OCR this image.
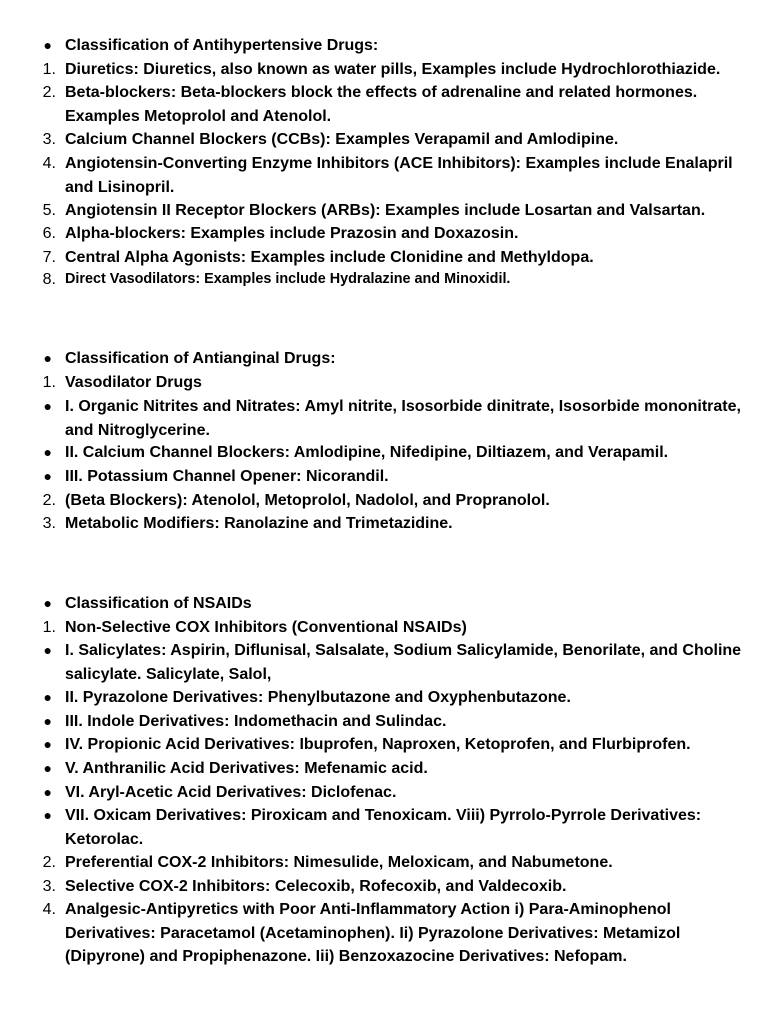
● Classification of Antihypertensive Drugs:
1. Diuretics: Diuretics, also known as water pills, Examples include Hydrochlorothiazide.
2. Beta-blockers: Beta-blockers block the effects of adrenaline and related hormones. Examples Metoprolol and Atenolol.
3. Calcium Channel Blockers (CCBs): Examples Verapamil and Amlodipine.
4. Angiotensin-Converting Enzyme Inhibitors (ACE Inhibitors): Examples include Enalapril and Lisinopril.
5. Angiotensin II Receptor Blockers (ARBs): Examples include Losartan and Valsartan.
6. Alpha-blockers: Examples include Prazosin and Doxazosin.
7. Central Alpha Agonists: Examples include Clonidine and Methyldopa.
8. Direct Vasodilators: Examples include Hydralazine and Minoxidil.
● Classification of Antianginal Drugs:
1. Vasodilator Drugs
● I. Organic Nitrites and Nitrates: Amyl nitrite, Isosorbide dinitrate, Isosorbide mononitrate, and Nitroglycerine.
● II. Calcium Channel Blockers: Amlodipine, Nifedipine, Diltiazem, and Verapamil.
● III. Potassium Channel Opener: Nicorandil.
2. (Beta Blockers): Atenolol, Metoprolol, Nadolol, and Propranolol.
3. Metabolic Modifiers: Ranolazine and Trimetazidine.
● Classification of NSAIDs
1. Non-Selective COX Inhibitors (Conventional NSAIDs)
● I. Salicylates: Aspirin, Diflunisal, Salsalate, Sodium Salicylamide, Benorilate, and Choline salicylate. Salicylate, Salol,
● II. Pyrazolone Derivatives: Phenylbutazone and Oxyphenbutazone.
● III. Indole Derivatives: Indomethacin and Sulindac.
● IV. Propionic Acid Derivatives: Ibuprofen, Naproxen, Ketoprofen, and Flurbiprofen.
● V. Anthranilic Acid Derivatives: Mefenamic acid.
● VI. Aryl-Acetic Acid Derivatives: Diclofenac.
● VII. Oxicam Derivatives: Piroxicam and Tenoxicam. Viii) Pyrrolo-Pyrrole Derivatives: Ketorolac.
2. Preferential COX-2 Inhibitors: Nimesulide, Meloxicam, and Nabumetone.
3. Selective COX-2 Inhibitors: Celecoxib, Rofecoxib, and Valdecoxib.
4. Analgesic-Antipyretics with Poor Anti-Inflammatory Action i) Para-Aminophenol Derivatives: Paracetamol (Acetaminophen). Ii) Pyrazolone Derivatives: Metamizol (Dipyrone) and Propiphenazone. Iii) Benzoxazocine Derivatives: Nefopam.
